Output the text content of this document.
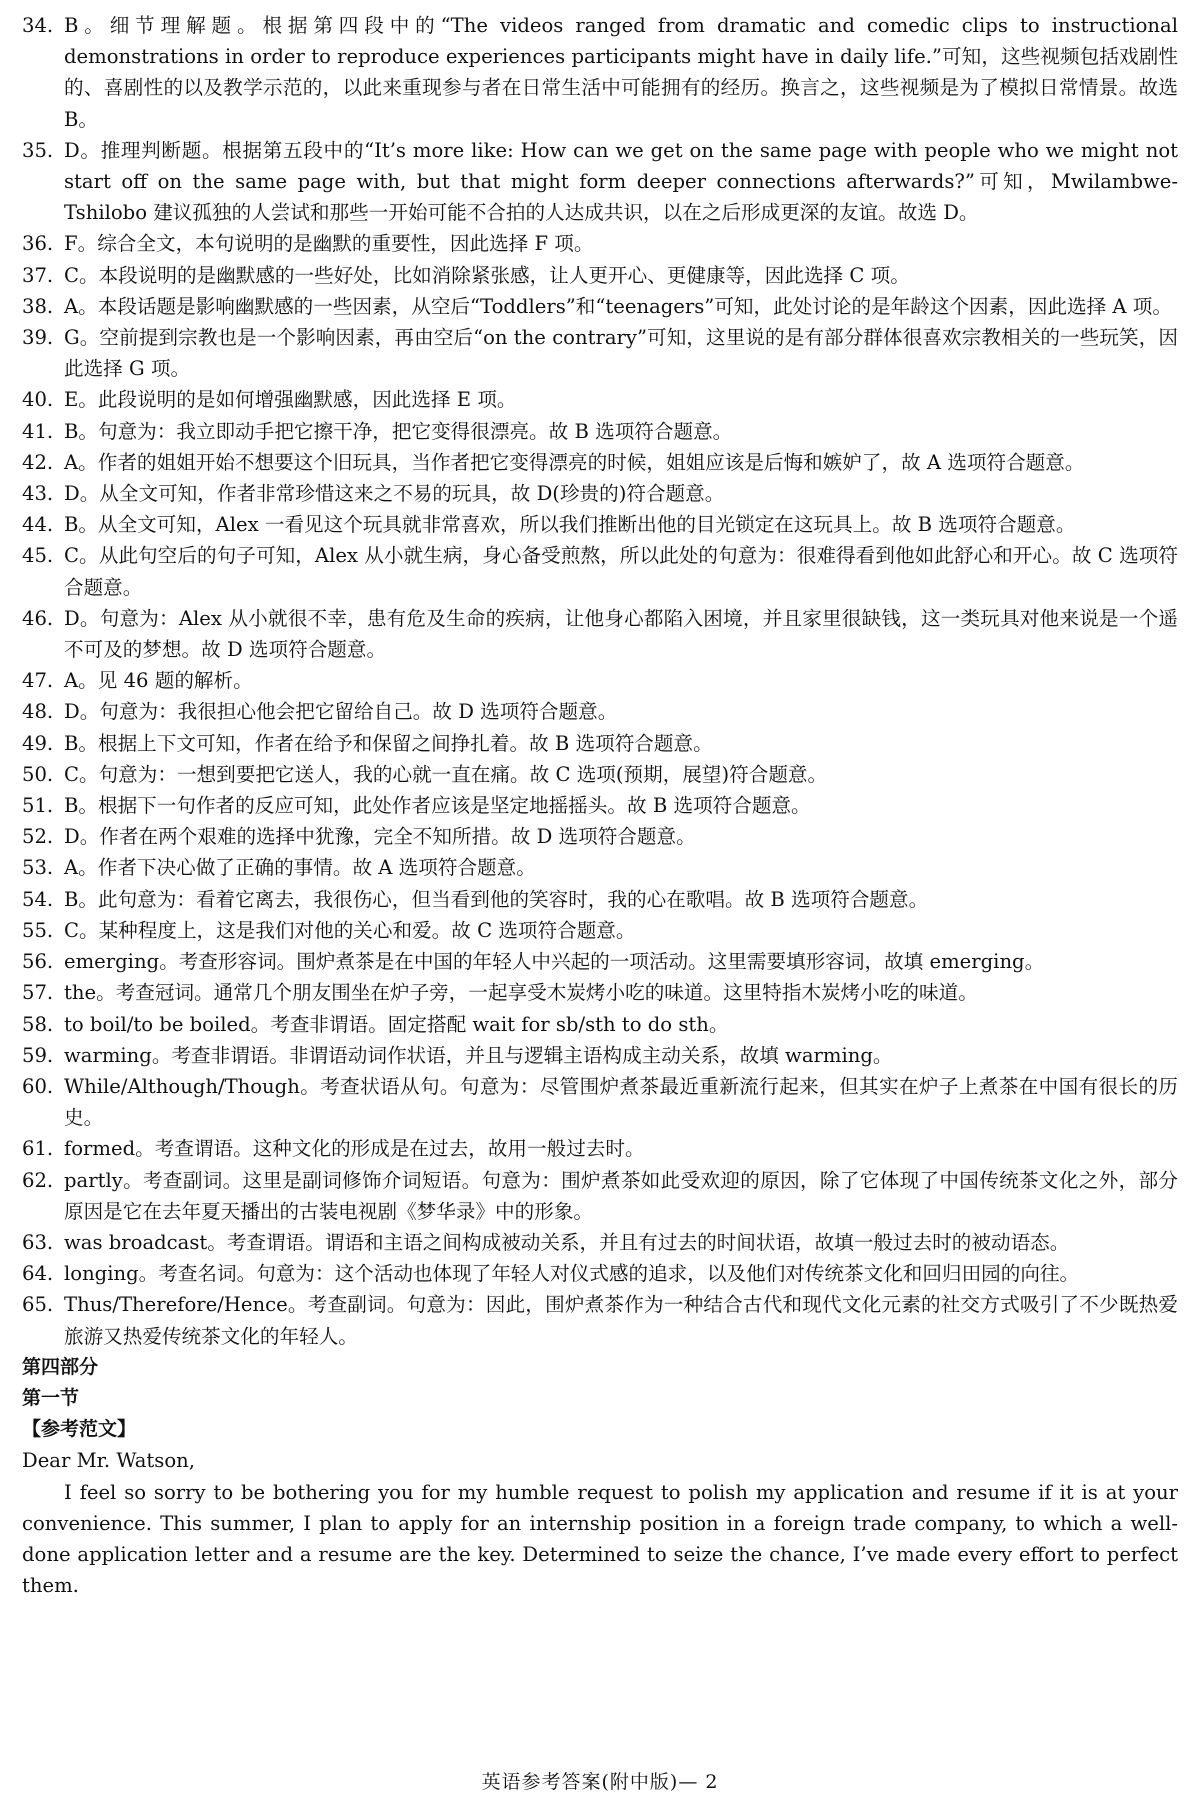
34. B。细节理解题。根据第四段中的“The videos ranged from dramatic and comedic clips to instructional demonstrations in order to reproduce experiences participants might have in daily life.”可知，这些视频包括戏剧性的、喜剧性的以及教学示范的，以此来重现参与者在日常生活中可能拥有的经历。换言之，这些视频是为了模拟日常情景。故选 B。
35. D。推理判断题。根据第五段中的“It’s more like: How can we get on the same page with people who we might not start off on the same page with, but that might form deeper connections afterwards?”可知，Mwilambwe-Tshilobo 建议孤独的人尝试和那些一开始可能不合拍的人达成共识，以在之后形成更深的友谊。故选 D。
36. F。综合全文，本句说明的是幽默的重要性，因此选择 F 项。
37. C。本段说明的是幽默感的一些好处，比如消除紧张感，让人更开心、更健康等，因此选择 C 项。
38. A。本段话题是影响幽默感的一些因素，从空后“Toddlers”和“teenagers”可知，此处讨论的是年龄这个因素，因此选择 A 项。
39. G。空前提到宗教也是一个影响因素，再由空后“on the contrary”可知，这里说的是有部分群体很喜欢宗教相关的一些玩笑，因此选择 G 项。
40. E。此段说明的是如何增强幽默感，因此选择 E 项。
41. B。句意为：我立即动手把它擦干净，把它变得很漂亮。故 B 选项符合题意。
42. A。作者的姐姐开始不想要这个旧玩具，当作者把它变得漂亮的时候，姐姐应该是后悔和嫉妒了，故 A 选项符合题意。
43. D。从全文可知，作者非常珍惜这来之不易的玩具，故 D(珍贵的)符合题意。
44. B。从全文可知，Alex 一看见这个玩具就非常喜欢，所以我们推断出他的目光锁定在这玩具上。故 B 选项符合题意。
45. C。从此句空后的句子可知，Alex 从小就生病，身心备受煎熬，所以此处的句意为：很难得看到他如此舒心和开心。故 C 选项符合题意。
46. D。句意为：Alex 从小就很不幸，患有危及生命的疾病，让他身心都陷入困境，并且家里很缺钱，这一类玩具对他来说是一个遥不可及的梦想。故 D 选项符合题意。
47. A。见 46 题的解析。
48. D。句意为：我很担心他会把它留给自己。故 D 选项符合题意。
49. B。根据上下文可知，作者在给予和保留之间挣扎着。故 B 选项符合题意。
50. C。句意为：一想到要把它送人，我的心就一直在痛。故 C 选项(预期，展望)符合题意。
51. B。根据下一句作者的反应可知，此处作者应该是坚定地摇摇头。故 B 选项符合题意。
52. D。作者在两个艰难的选择中犹豫，完全不知所措。故 D 选项符合题意。
53. A。作者下决心做了正确的事情。故 A 选项符合题意。
54. B。此句意为：看着它离去，我很伤心，但当看到他的笑容时，我的心在歌唱。故 B 选项符合题意。
55. C。某种程度上，这是我们对他的关心和爱。故 C 选项符合题意。
56. emerging。考查形容词。围炉煮茶是在中国的年轻人中兴起的一项活动。这里需要填形容词，故填 emerging。
57. the。考查冠词。通常几个朋友围坐在炉子旁，一起享受木炭烤小吃的味道。这里特指木炭烤小吃的味道。
58. to boil/to be boiled。考查非谓语。固定搭配 wait for sb/sth to do sth。
59. warming。考查非谓语。非谓语动词作状语，并且与逻辑主语构成主动关系，故填 warming。
60. While/Although/Though。考查状语从句。句意为：尽管围炉煮茶最近重新流行起来，但其实在炉子上煮茶在中国有很长的历史。
61. formed。考查谓语。这种文化的形成是在过去，故用一般过去时。
62. partly。考查副词。这里是副词修饰介词短语。句意为：围炉煮茶如此受欢迎的原因，除了它体现了中国传统茶文化之外，部分原因是它在去年夏天播出的古装电视剧《梦华录》中的形象。
63. was broadcast。考查谓语。谓语和主语之间构成被动关系，并且有过去的时间状语，故填一般过去时的被动语态。
64. longing。考查名词。句意为：这个活动也体现了年轻人对仪式感的追求，以及他们对传统茶文化和回归田园的向往。
65. Thus/Therefore/Hence。考查副词。句意为：因此，围炉煮茶作为一种结合古代和现代文化元素的社交方式吸引了不少既热爱旅游又热爱传统茶文化的年轻人。
第四部分
第一节
【参考范文】
Dear Mr. Watson,
I feel so sorry to be bothering you for my humble request to polish my application and resume if it is at your convenience. This summer, I plan to apply for an internship position in a foreign trade company, to which a well-done application letter and a resume are the key. Determined to seize the chance, I’ve made every effort to perfect them.
英语参考答案(附中版)— 2
